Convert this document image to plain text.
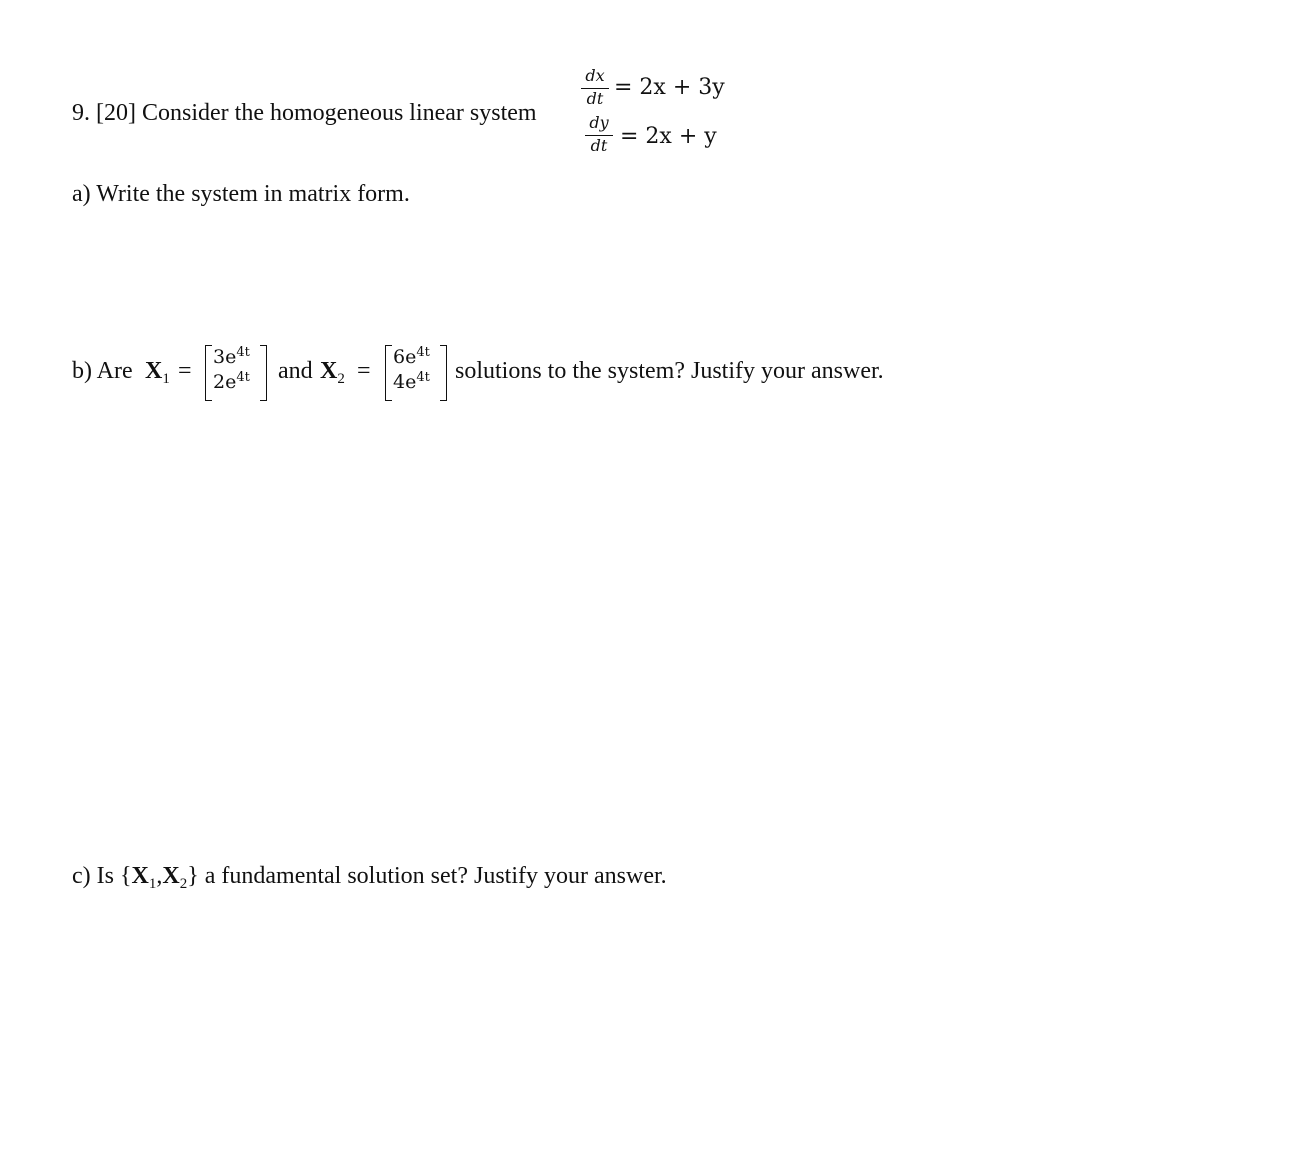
9. [20] Consider the homogeneous linear system
dx
dt = 2x + 3y
dy
dt = 2x + y
a) Write the system in matrix form.
b) Are $X_1$ =
$3e^{4t}$
$2e^{4t}$ and $X_2$ =
$6e^{4t}$
$4e^{4t}$ solutions to the system? Justify your answer.
c) Is $\{X_1,X_2\}$ a fundamental solution set? Justify your answer.
